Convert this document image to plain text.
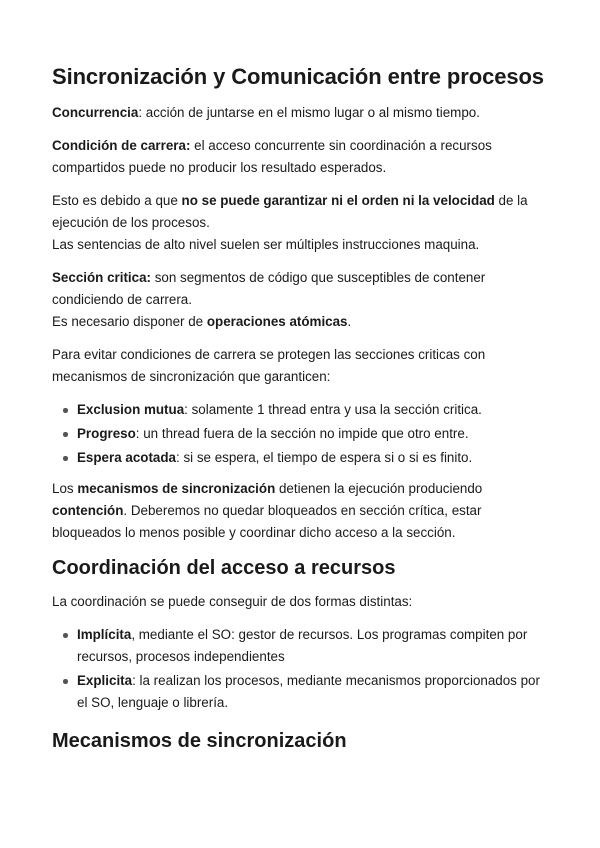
Sincronización y Comunicación entre procesos

Concurrencia: acción de juntarse en el mismo lugar o al mismo tiempo.

Condición de carrera: el acceso concurrente sin coordinación a recursos compartidos puede no producir los resultado esperados.

Esto es debido a que no se puede garantizar ni el orden ni la velocidad de la ejecución de los procesos.
Las sentencias de alto nivel suelen ser múltiples instrucciones maquina.

Sección critica: son segmentos de código que susceptibles de contener condiciendo de carrera.
Es necesario disponer de operaciones atómicas.

Para evitar condiciones de carrera se protegen las secciones criticas con mecanismos de sincronización que garanticen:

Exclusion mutua: solamente 1 thread entra y usa la sección critica.
Progreso: un thread fuera de la sección no impide que otro entre.
Espera acotada: si se espera, el tiempo de espera si o si es finito.

Los mecanismos de sincronización detienen la ejecución produciendo contención. Deberemos no quedar bloqueados en sección crítica, estar bloqueados lo menos posible y coordinar dicho acceso a la sección.

Coordinación del acceso a recursos

La coordinación se puede conseguir de dos formas distintas:

Implícita, mediante el SO: gestor de recursos. Los programas compiten por recursos, procesos independientes
Explicita: la realizan los procesos, mediante mecanismos proporcionados por el SO, lenguaje o librería.
Mecanismos de sincronización
